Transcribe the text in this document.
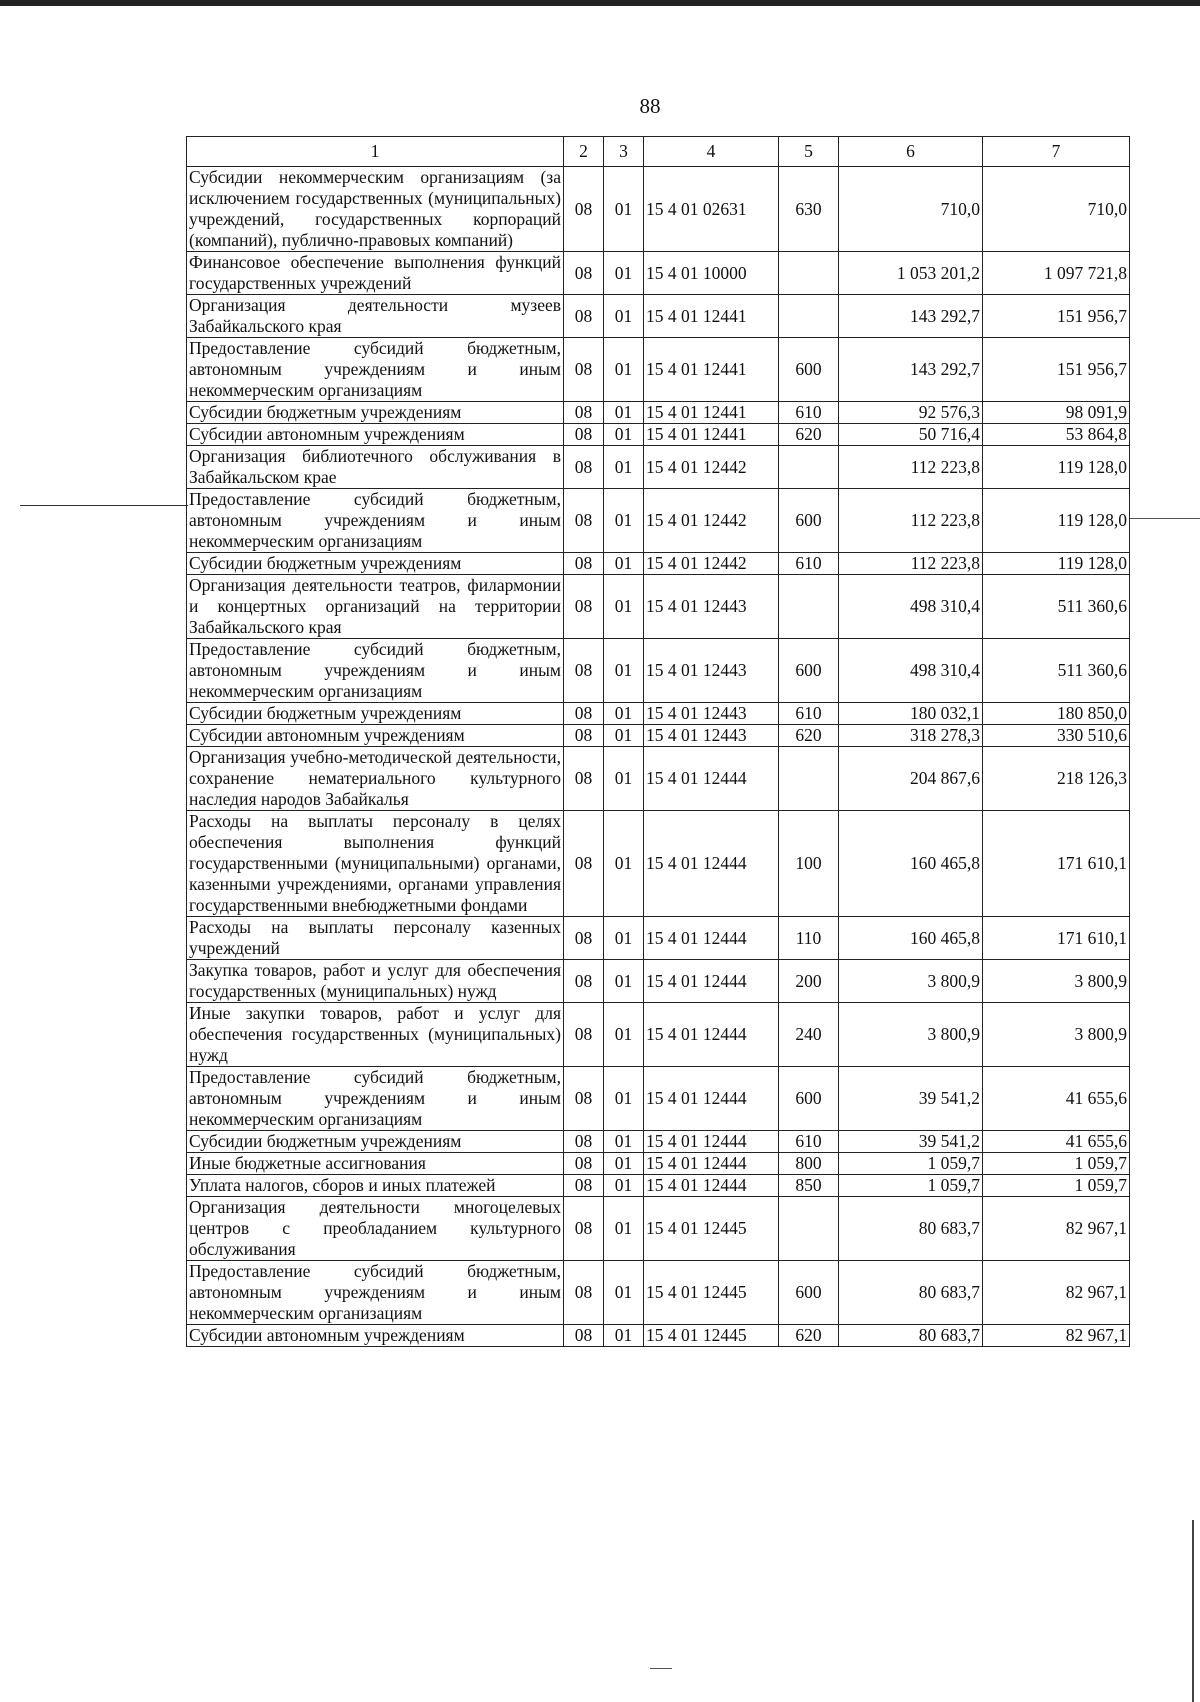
88
1	2	3	4	5	6	7
Субсидии некоммерческим организациям (за исключением государственных (муниципальных) учреждений, государственных корпораций (компаний), публично-правовых компаний)	08	01	15 4 01 02631	630	710,0	710,0
Финансовое обеспечение выполнения функций государственных учреждений	08	01	15 4 01 10000		1 053 201,2	1 097 721,8
Организация деятельности музеев Забайкальского края	08	01	15 4 01 12441		143 292,7	151 956,7
Предоставление субсидий бюджетным, автономным учреждениям и иным некоммерческим организациям	08	01	15 4 01 12441	600	143 292,7	151 956,7
Субсидии бюджетным учреждениям	08	01	15 4 01 12441	610	92 576,3	98 091,9
Субсидии автономным учреждениям	08	01	15 4 01 12441	620	50 716,4	53 864,8
Организация библиотечного обслуживания в Забайкальском крае	08	01	15 4 01 12442		112 223,8	119 128,0
Предоставление субсидий бюджетным, автономным учреждениям и иным некоммерческим организациям	08	01	15 4 01 12442	600	112 223,8	119 128,0
Субсидии бюджетным учреждениям	08	01	15 4 01 12442	610	112 223,8	119 128,0
Организация деятельности театров, филармонии и концертных организаций на территории Забайкальского края	08	01	15 4 01 12443		498 310,4	511 360,6
Предоставление субсидий бюджетным, автономным учреждениям и иным некоммерческим организациям	08	01	15 4 01 12443	600	498 310,4	511 360,6
Субсидии бюджетным учреждениям	08	01	15 4 01 12443	610	180 032,1	180 850,0
Субсидии автономным учреждениям	08	01	15 4 01 12443	620	318 278,3	330 510,6
Организация учебно-методической деятельности, сохранение нематериального культурного наследия народов Забайкалья	08	01	15 4 01 12444		204 867,6	218 126,3
Расходы на выплаты персоналу в целях обеспечения выполнения функций государственными (муниципальными) органами, казенными учреждениями, органами управления государственными внебюджетными фондами	08	01	15 4 01 12444	100	160 465,8	171 610,1
Расходы на выплаты персоналу казенных учреждений	08	01	15 4 01 12444	110	160 465,8	171 610,1
Закупка товаров, работ и услуг для обеспечения государственных (муниципальных) нужд	08	01	15 4 01 12444	200	3 800,9	3 800,9
Иные закупки товаров, работ и услуг для обеспечения государственных (муниципальных) нужд	08	01	15 4 01 12444	240	3 800,9	3 800,9
Предоставление субсидий бюджетным, автономным учреждениям и иным некоммерческим организациям	08	01	15 4 01 12444	600	39 541,2	41 655,6
Субсидии бюджетным учреждениям	08	01	15 4 01 12444	610	39 541,2	41 655,6
Иные бюджетные ассигнования	08	01	15 4 01 12444	800	1 059,7	1 059,7
Уплата налогов, сборов и иных платежей	08	01	15 4 01 12444	850	1 059,7	1 059,7
Организация деятельности многоцелевых центров с преобладанием культурного обслуживания	08	01	15 4 01 12445		80 683,7	82 967,1
Предоставление субсидий бюджетным, автономным учреждениям и иным некоммерческим организациям	08	01	15 4 01 12445	600	80 683,7	82 967,1
Субсидии автономным учреждениям	08	01	15 4 01 12445	620	80 683,7	82 967,1
